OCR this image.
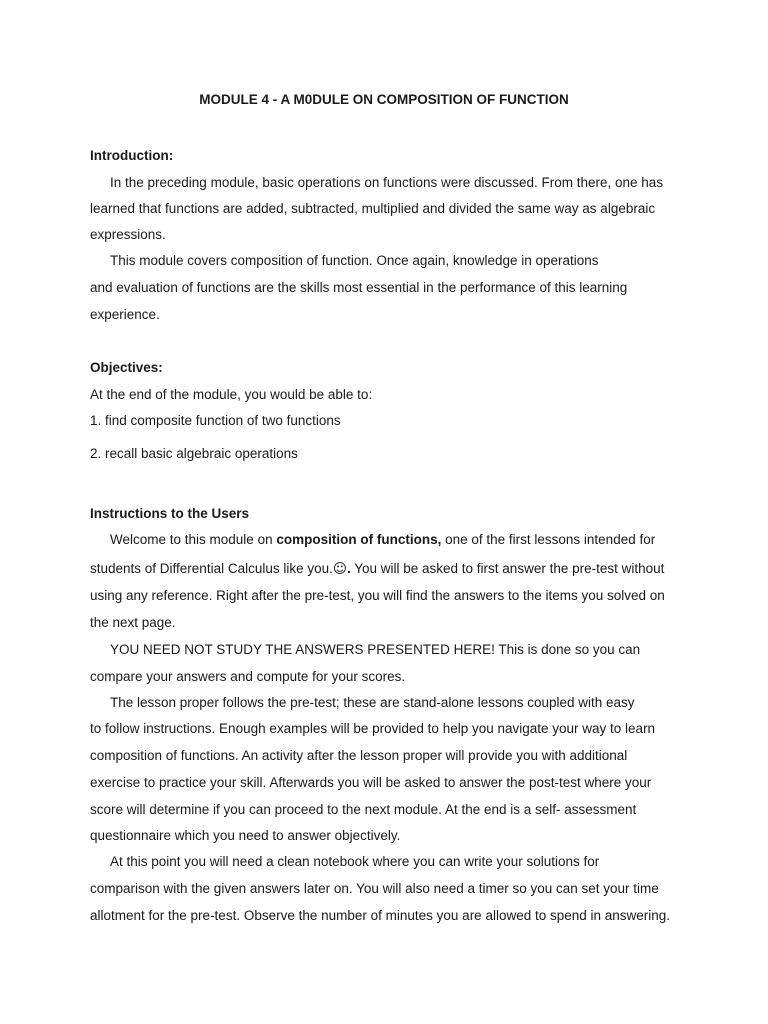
MODULE 4 - A M0DULE ON COMPOSITION OF FUNCTION
Introduction:
In the preceding module, basic operations on functions were discussed. From there, one has
learned that functions are added, subtracted, multiplied and divided the same way as algebraic
expressions.
This module covers composition of function. Once again, knowledge in operations
and evaluation of functions are the skills most essential in the performance of this learning
experience.
Objectives:
At the end of the module, you would be able to:
1. find composite function of two functions
2. recall basic algebraic operations
Instructions to the Users
Welcome to this module on composition of functions, one of the first lessons intended for
students of Differential Calculus like you.☺. You will be asked to first answer the pre-test without
using any reference. Right after the pre-test, you will find the answers to the items you solved on
the next page.
YOU NEED NOT STUDY THE ANSWERS PRESENTED HERE! This is done so you can
compare your answers and compute for your scores.
The lesson proper follows the pre-test; these are stand-alone lessons coupled with easy
to follow instructions. Enough examples will be provided to help you navigate your way to learn
composition of functions. An activity after the lesson proper will provide you with additional
exercise to practice your skill. Afterwards you will be asked to answer the post-test where your
score will determine if you can proceed to the next module. At the end is a self- assessment
questionnaire which you need to answer objectively.
At this point you will need a clean notebook where you can write your solutions for
comparison with the given answers later on. You will also need a timer so you can set your time
allotment for the pre-test. Observe the number of minutes you are allowed to spend in answering.
